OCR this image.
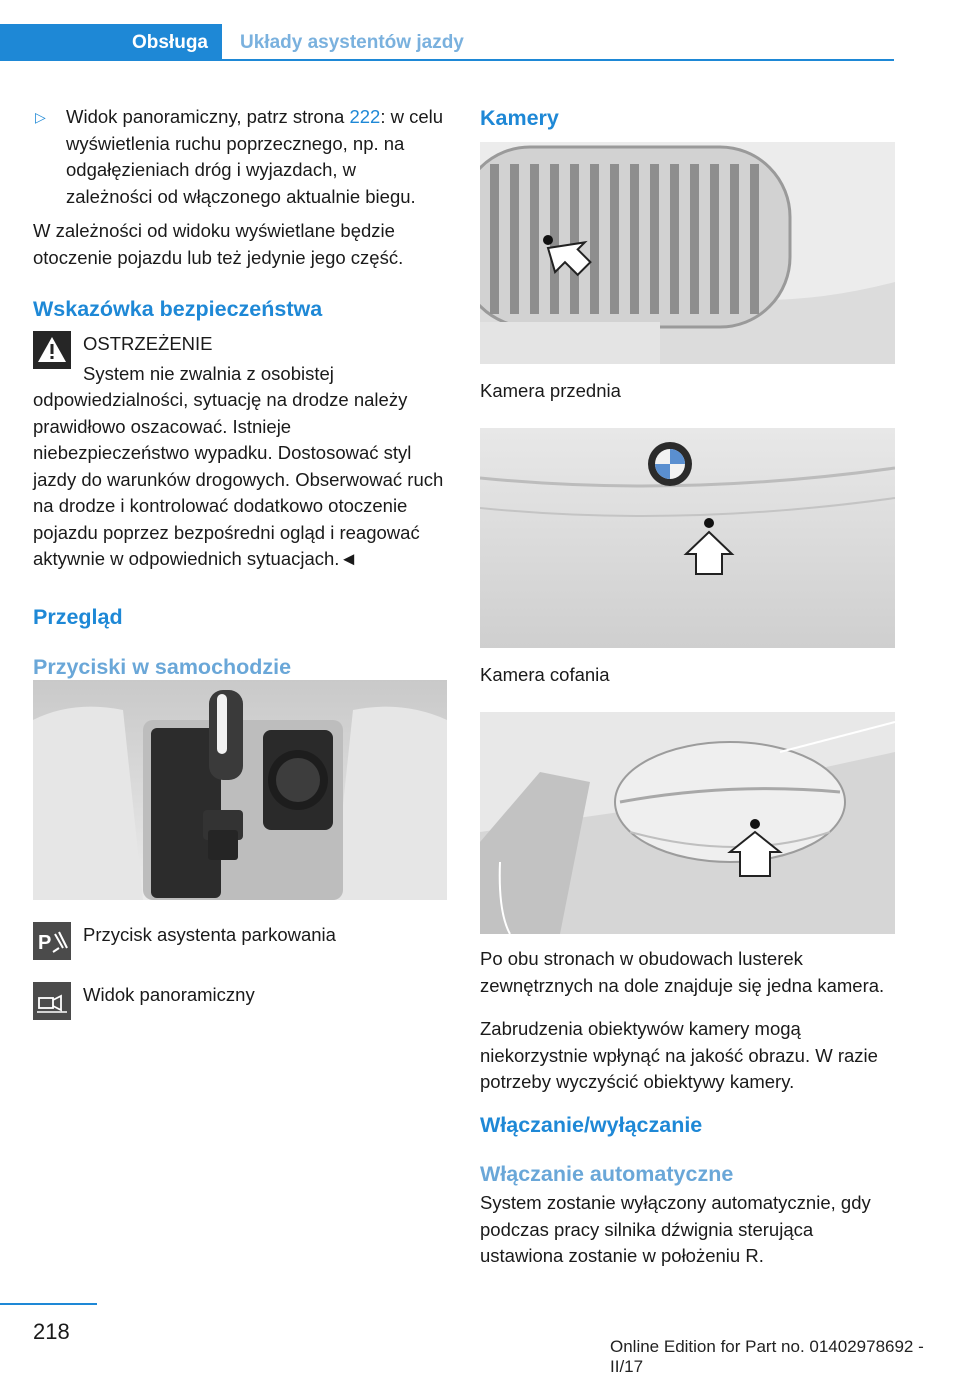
Obsługa	Układy asystentów jazdy

▷ Widok panoramiczny, patrz strona 222: w celu wyświetlenia ruchu poprzecznego, np. na odgałęzieniach dróg i wyjazdach, w zależności od włączonego aktualnie biegu.

W zależności od widoku wyświetlane będzie otoczenie pojazdu lub też jedynie jego część.

Wskazówka bezpieczeństwa

OSTRZEŻENIE

System nie zwalnia z osobistej odpowiedzialności, sytuację na drodze należy prawidłowo oszacować. Istnieje niebezpieczeństwo wypadku. Dostosować styl jazdy do warunków drogowych. Obserwować ruch na drodze i kontrolować dodatkowo otoczenie pojazdu poprzez bezpośredni ogląd i reagować aktywnie w odpowiednich sytuacjach.◄

Przegląd
Przyciski w samochodzie
P Przycisk asystenta parkowania
Widok panoramiczny
Kamery

Kamera przednia

Kamera cofania

Po obu stronach w obudowach lusterek zewnętrznych na dole znajduje się jedna kamera.

Zabrudzenia obiektywów kamery mogą niekorzystnie wpłynąć na jakość obrazu. W razie potrzeby wyczyścić obiektywy kamery.

Włączanie/wyłączanie
Włączanie automatyczne

System zostanie wyłączony automatycznie, gdy podczas pracy silnika dźwignia sterująca ustawiona zostanie w położeniu R.

218
Online Edition for Part no. 01402978692 - II/17
